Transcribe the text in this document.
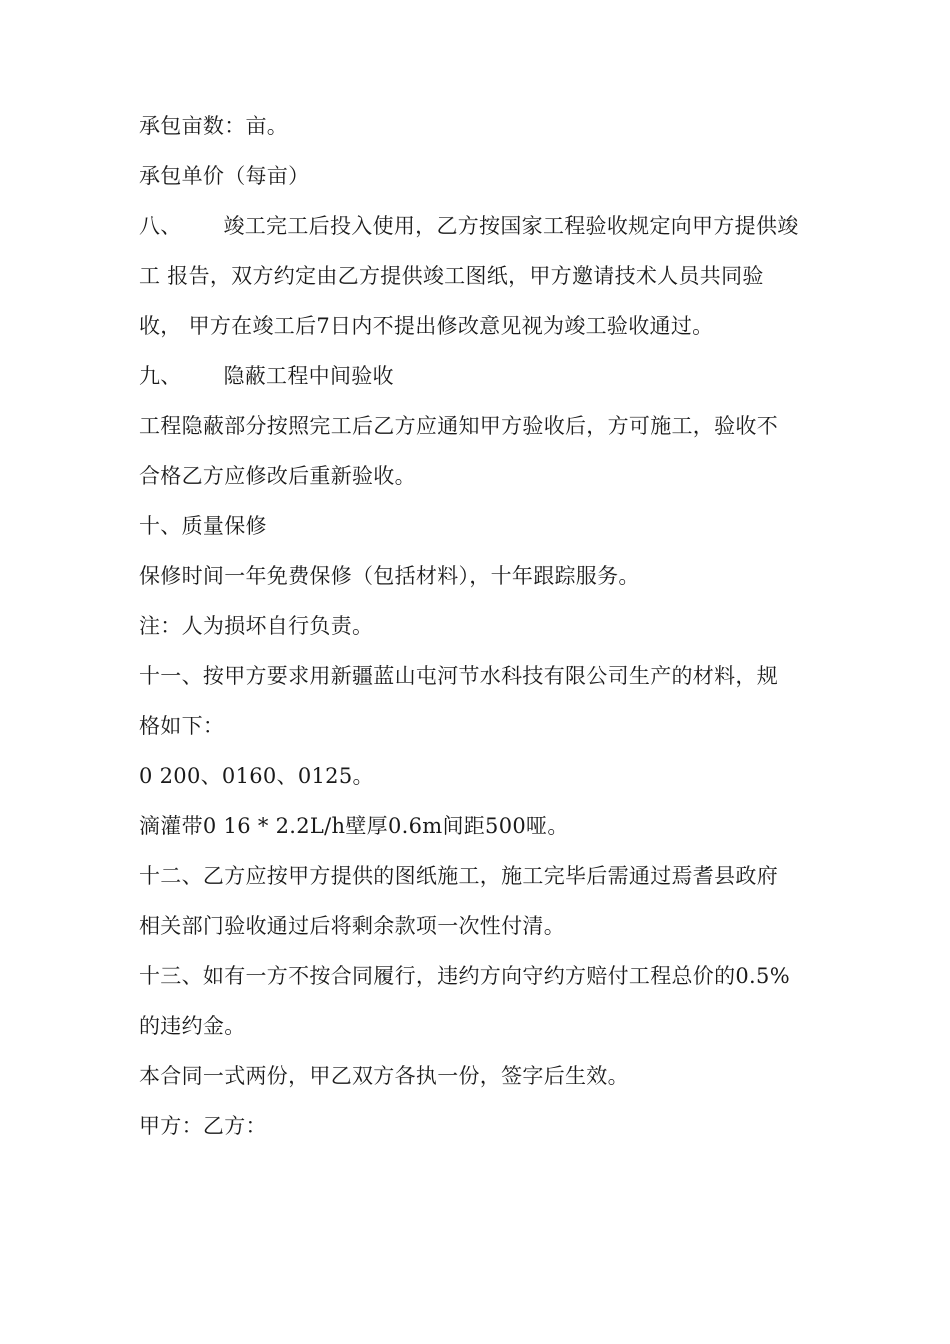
承包亩数：亩。
承包单价（每亩）
八、      竣工完工后投入使用，乙方按国家工程验收规定向甲方提供竣
工 报告，双方约定由乙方提供竣工图纸，甲方邀请技术人员共同验
收， 甲方在竣工后7日内不提出修改意见视为竣工验收通过。
九、      隐蔽工程中间验收
工程隐蔽部分按照完工后乙方应通知甲方验收后，方可施工，验收不
合格乙方应修改后重新验收。
十、质量保修
保修时间一年免费保修（包括材料），十年跟踪服务。
注：人为损坏自行负责。
十一、按甲方要求用新疆蓝山屯河节水科技有限公司生产的材料，规
格如下：
0 200、0160、0125。
滴灌带0 16 * 2.2L/h壁厚0.6m间距500哑。
十二、乙方应按甲方提供的图纸施工，施工完毕后需通过焉耆县政府
相关部门验收通过后将剩余款项一次性付清。
十三、如有一方不按合同履行，违约方向守约方赔付工程总价的0.5%
的违约金。
本合同一式两份，甲乙双方各执一份，签字后生效。
甲方：乙方：
